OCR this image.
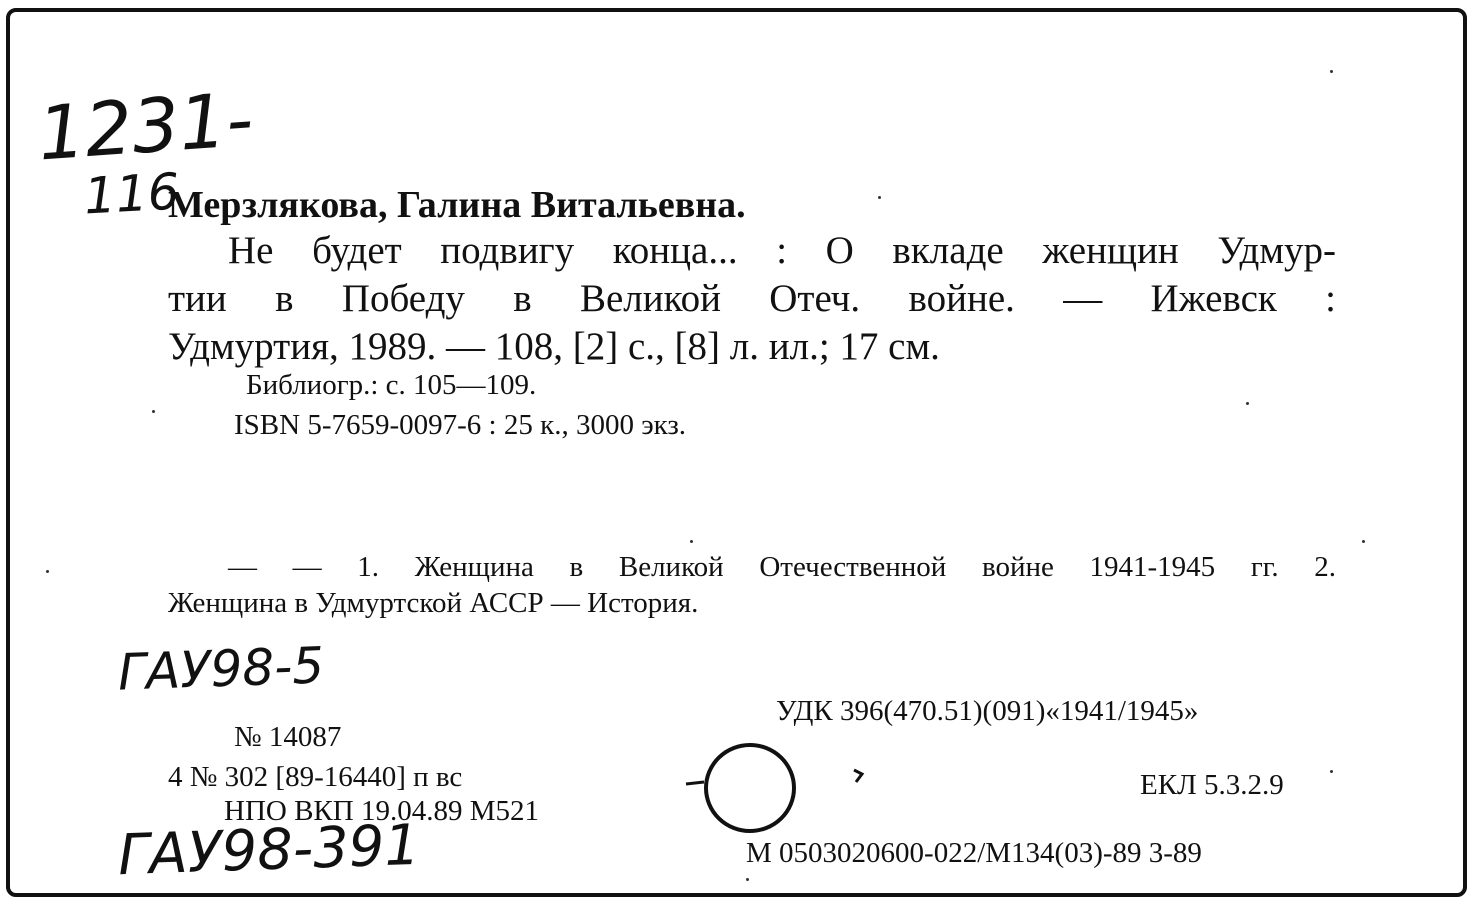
1231-
116
Мерзлякова, Галина Витальевна.
Не будет подвигу конца... : О вкладе женщин Удмур-
тии в Победу в Великой Отеч. войне. — Ижевск :
Удмуртия, 1989. — 108, [2] с., [8] л. ил.; 17 см.
Библиогр.: с. 105—109.
ISBN 5-7659-0097-6 : 25 к., 3000 экз.
— — 1. Женщина в Великой Отечественной войне 1941-1945 гг. 2.
Женщина в Удмуртской АССР — История.
ГАУ98-5
№ 14087
4 № 302 [89-16440] п вс
НПО ВКП 19.04.89 М521
ГАУ98-391
УДК 396(470.51)(091)«1941/1945»
ЕКЛ 5.3.2.9
М 0503020600-022/М134(03)-89 3-89
